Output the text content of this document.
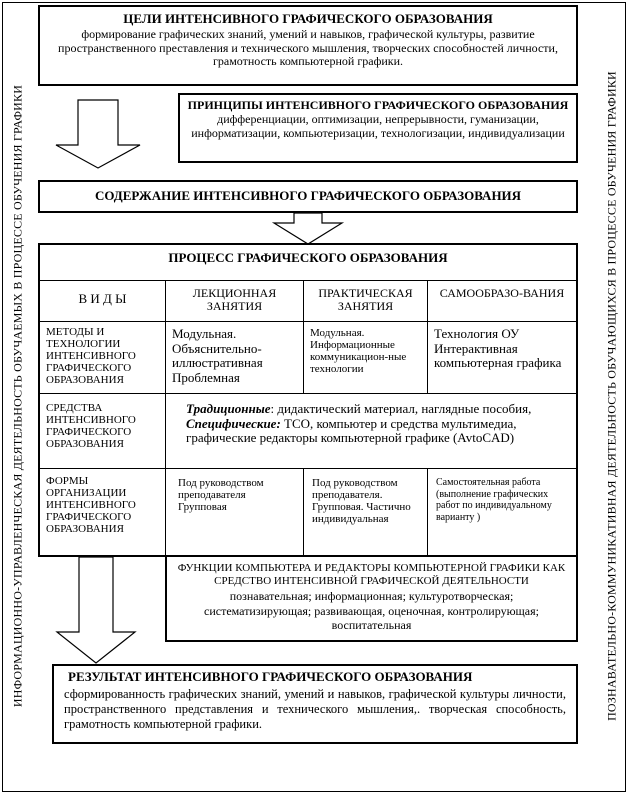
ИНФОРМАЦИОННО-УПРАВЛЕНЧЕСКАЯ ДЕЯТЕЛЬНОСТЬ ОБУЧАЕМЫХ В ПРОЦЕССЕ ОБУЧЕНИЯ ГРАФИКИ	ПОЗНАВАТЕЛЬНО-КОММУНИКАТИВНАЯ ДЕЯТЕЛЬНОСТЬ ОБУЧАЮЩИХСЯ В ПРОЦЕССЕ ОБУЧЕНИЯ ГРАФИКИ
ЦЕЛИ ИНТЕНСИВНОГО ГРАФИЧЕСКОГО ОБРАЗОВАНИЯ
формирование графических знаний, умений и навыков, графической культуры, развитие пространственного преставления и технического мышления, творческих способностей личности, грамотность компьютерной графики.
ПРИНЦИПЫ ИНТЕНСИВНОГО ГРАФИЧЕСКОГО ОБРАЗОВАНИЯ
дифференциации, оптимизации, непрерывности, гуманизации, информатизации, компьютеризации, технологизации, индивидуализации
СОДЕРЖАНИЕ ИНТЕНСИВНОГО ГРАФИЧЕСКОГО ОБРАЗОВАНИЯ
ПРОЦЕСС ГРАФИЧЕСКОГО ОБРАЗОВАНИЯ
В И Д Ы	ЛЕКЦИОННАЯ ЗАНЯТИЯ
ПРАКТИЧЕСКАЯ ЗАНЯТИЯ
САМООБРАЗО-ВАНИЯ
МЕТОДЫ И ТЕХНОЛОГИИ ИНТЕНСИВНОГО ГРАФИЧЕСКОГО ОБРАЗОВАНИЯ
Модульная. Объяснительно-иллюстративная Проблемная
Модульная. Информационные коммуникацион-ные технологии
Технология ОУ Интерактивная компьютерная графика
СРЕДСТВА ИНТЕНСИВНОГО ГРАФИЧЕСКОГО ОБРАЗОВАНИЯ
Традиционные: дидактический материал, наглядные пособия,
Специфические: ТСО, компьютер и средства мультимедиа, графические редакторы компьютерной графике (AvtoCAD)
ФОРМЫ ОРГАНИЗАЦИИ ИНТЕНСИВНОГО ГРАФИЧЕСКОГО ОБРАЗОВАНИЯ
Под руководством преподавателя Групповая
Под руководством преподавателя. Групповая. Частично индивидуальная
Самостоятельная работа (выполнение графических работ по индивидуальному варианту )
ФУНКЦИИ КОМПЬЮТЕРА И РЕДАКТОРЫ КОМПЬЮТЕРНОЙ ГРАФИКИ КАК СРЕДСТВО ИНТЕНСИВНОЙ ГРАФИЧЕСКОЙ ДЕЯТЕЛЬНОСТИ
познавательная; информационная; культуротворческая; систематизирующая; развивающая, оценочная, контролирующая; воспитательная
РЕЗУЛЬТАТ ИНТЕНСИВНОГО ГРАФИЧЕСКОГО ОБРАЗОВАНИЯ
сформированность графических знаний, умений и навыков, графической культуры личности, пространственного представления и технического мышления,. творческая способность, грамотность компьютерной графики.
